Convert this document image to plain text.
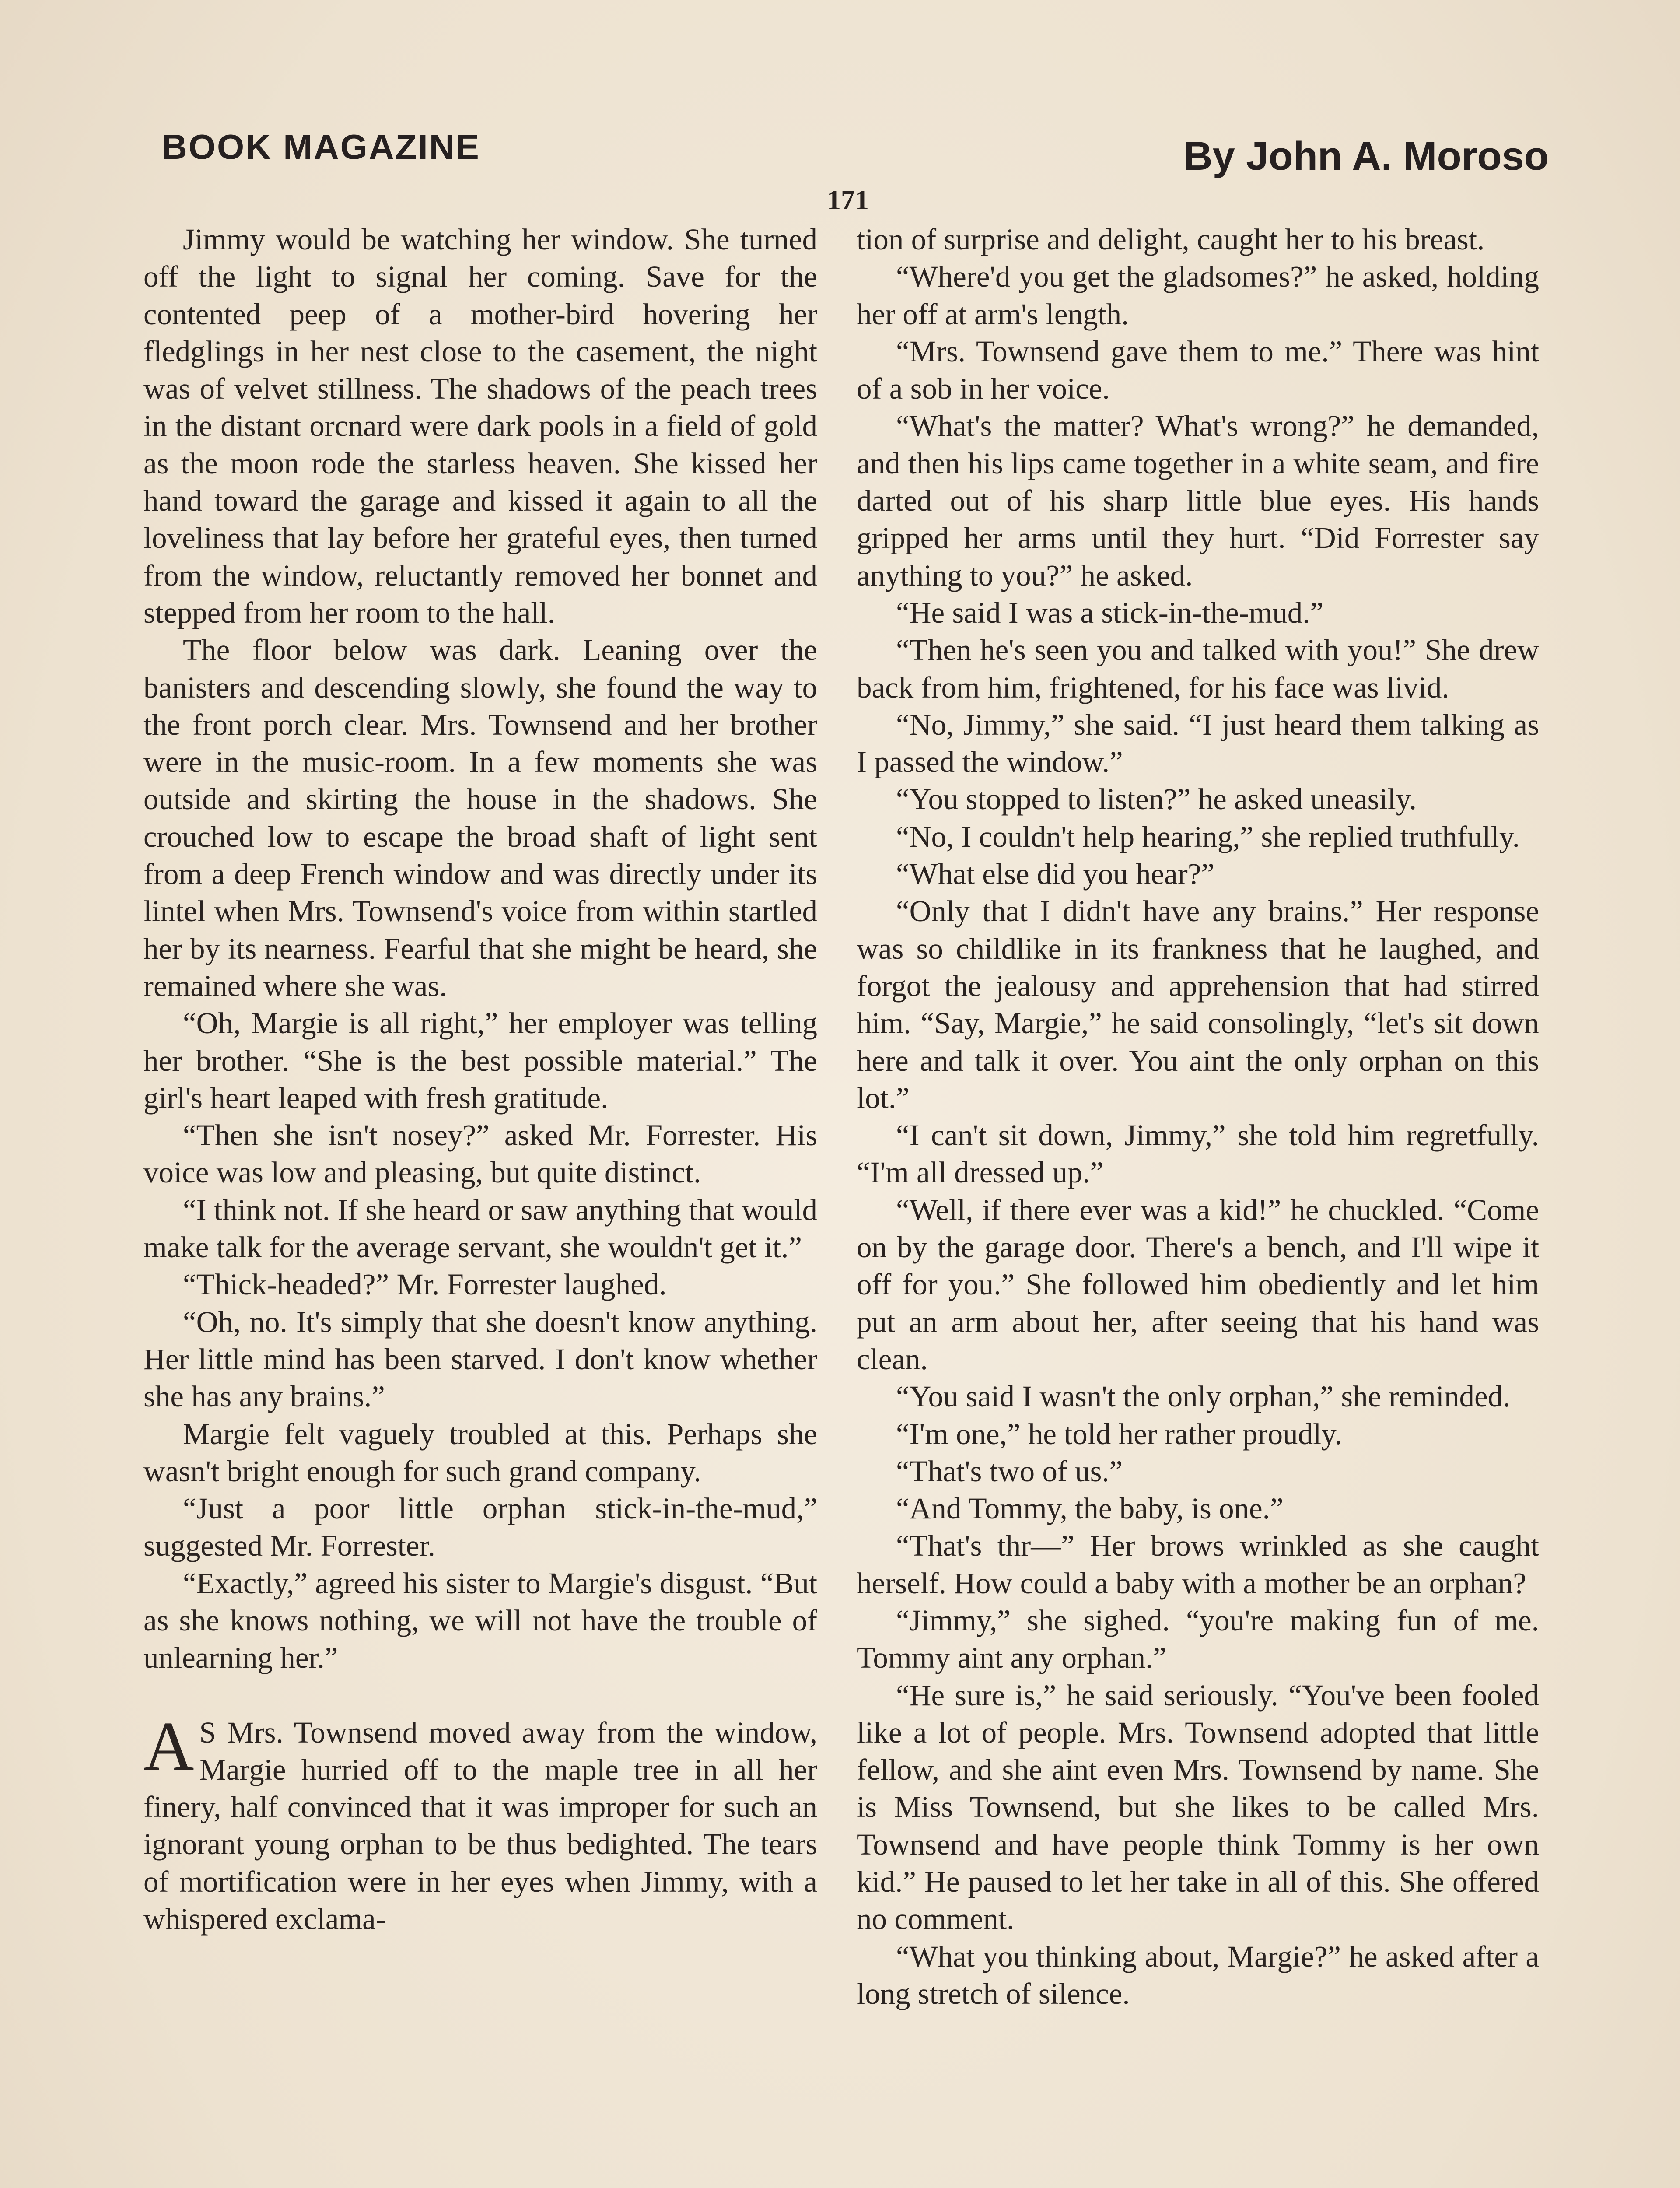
BOOK MAGAZINE	By John A. Moroso
171

Jimmy would be watching her window. She turned off the light to signal her coming. Save for the contented peep of a mother-bird hovering her fledglings in her nest close to the casement, the night was of velvet stillness. The shadows of the peach trees in the distant orcnard were dark pools in a field of gold as the moon rode the starless heaven. She kissed her hand toward the garage and kissed it again to all the loveliness that lay before her grateful eyes, then turned from the window, reluctantly removed her bonnet and stepped from her room to the hall.

The floor below was dark. Leaning over the banisters and descending slowly, she found the way to the front porch clear. Mrs. Townsend and her brother were in the music-room. In a few moments she was outside and skirting the house in the shadows. She crouched low to escape the broad shaft of light sent from a deep French window and was directly under its lintel when Mrs. Townsend's voice from within startled her by its nearness. Fearful that she might be heard, she remained where she was.

“Oh, Margie is all right,” her employer was telling her brother. “She is the best possible material.” The girl's heart leaped with fresh gratitude.

“Then she isn't nosey?” asked Mr. Forrester. His voice was low and pleasing, but quite distinct.

“I think not. If she heard or saw anything that would make talk for the average servant, she wouldn't get it.”

“Thick-headed?” Mr. Forrester laughed.

“Oh, no. It's simply that she doesn't know anything. Her little mind has been starved. I don't know whether she has any brains.”

Margie felt vaguely troubled at this. Perhaps she wasn't bright enough for such grand company.

“Just a poor little orphan stick-in-the-mud,” suggested Mr. Forrester.

“Exactly,” agreed his sister to Margie's disgust. “But as she knows nothing, we will not have the trouble of unlearning her.”

A S Mrs. Townsend moved away from the window, Margie hurried off to the maple tree in all her finery, half convinced that it was improper for such an ignorant young orphan to be thus bedighted. The tears of mortification were in her eyes when Jimmy, with a whispered exclama-

tion of surprise and delight, caught her to his breast.

“Where'd you get the gladsomes?” he asked, holding her off at arm's length.

“Mrs. Townsend gave them to me.” There was hint of a sob in her voice.

“What's the matter? What's wrong?” he demanded, and then his lips came together in a white seam, and fire darted out of his sharp little blue eyes. His hands gripped her arms until they hurt. “Did Forrester say anything to you?” he asked.

“He said I was a stick-in-the-mud.”

“Then he's seen you and talked with you!” She drew back from him, frightened, for his face was livid.

“No, Jimmy,” she said. “I just heard them talking as I passed the window.”

“You stopped to listen?” he asked uneasily.

“No, I couldn't help hearing,” she replied truthfully.

“What else did you hear?”

“Only that I didn't have any brains.” Her response was so childlike in its frankness that he laughed, and forgot the jealousy and apprehension that had stirred him. “Say, Margie,” he said consolingly, “let's sit down here and talk it over. You aint the only orphan on this lot.”

“I can't sit down, Jimmy,” she told him regretfully. “I'm all dressed up.”

“Well, if there ever was a kid!” he chuckled. “Come on by the garage door. There's a bench, and I'll wipe it off for you.” She followed him obediently and let him put an arm about her, after seeing that his hand was clean.

“You said I wasn't the only orphan,” she reminded.

“I'm one,” he told her rather proudly.

“That's two of us.”

“And Tommy, the baby, is one.”

“That's thr—” Her brows wrinkled as she caught herself. How could a baby with a mother be an orphan?

“Jimmy,” she sighed. “you're making fun of me. Tommy aint any orphan.”

“He sure is,” he said seriously. “You've been fooled like a lot of people. Mrs. Townsend adopted that little fellow, and she aint even Mrs. Townsend by name. She is Miss Townsend, but she likes to be called Mrs. Townsend and have people think Tommy is her own kid.” He paused to let her take in all of this. She offered no comment.

“What you thinking about, Margie?” he asked after a long stretch of silence.
